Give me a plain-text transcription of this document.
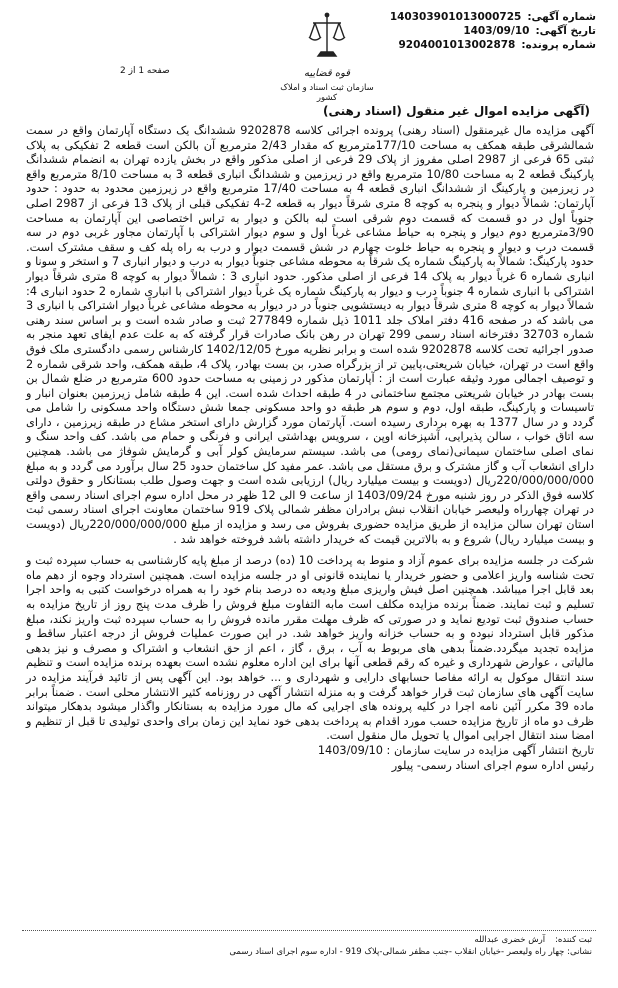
شماره آگهی:
140303901013000725
تاریخ آگهی:
1403/09/10
شماره پرونده:
9204001013002878
صفحه 1 از 2	قوه قضاییه
سازمان ثبت اسناد و املاک کشور
(آگهی مزایده اموال غیر منقول (اسناد رهنی)

آگهی مزایده مال غیرمنقول (اسناد رهنی) پرونده اجرائی کلاسه 9202878 ششدانگ یک دستگاه آپارتمان واقع در سمت شمالشرقی طبقه همکف به مساحت 177/10مترمربع که مقدار 2/43 مترمربع آن بالکن است قطعه 2 تفکیکی به پلاک ثبتی 65 فرعی از 2987 اصلی مفروز از پلاک 29 فرعی از اصلی مذکور واقع در بخش یازده تهران به انضمام ششدانگ پارکینگ قطعه 2 به مساحت 10/80 مترمربع واقع در زیرزمین و ششدانگ انباری قطعه 3 به مساحت 8/10 مترمربع واقع در زیرزمین و پارکینگ از ششدانگ انباری قطعه 4 به مساحت 17/40 مترمربع واقع در زیرزمین محدود به حدود : حدود آپارتمان: شمالاً دیوار و پنجره به کوچه 8 متری شرقاً دیوار به قطعه 2-4 تفکیکی قبلی از پلاک 13 فرعی از 2987 اصلی جنوباً اول در دو قسمت که قسمت دوم شرقی است لبه بالکن و دیوار به تراس اختصاصی این آپارتمان به مساحت 3/90مترمربع دوم دیوار و پنجره به حیاط مشاعی غرباً اول و سوم دیوار اشتراکی با آپارتمان مجاور غربی دوم در سه قسمت درب و دیوار و پنجره به حیاط خلوت چهارم در شش قسمت دیوار و درب به راه پله کف و سقف مشترک است. حدود پارکینگ: شمالاً به پارکینگ شماره یک شرقاً به محوطه مشاعی جنوباً دیوار به درب و دیوار انباری 7 و استخر و سونا و انباری شماره 6 غرباً دیوار به پلاک 14 فرعی از اصلی مذکور. حدود انباری 3 : شمالاً دیوار به کوچه 8 متری شرقاً دیوار اشتراکی با انباری شماره 4 جنوباً درب و دیوار به پارکینگ شماره یک غرباً دیوار اشتراکی با انباری شماره 2 حدود انباری 4: شمالاً دیوار به کوچه 8 متری شرقاً دیوار به دیستشویی جنوباً در در دیوار به محوطه مشاعی غرباً دیوار اشتراکی با انباری 3 می باشد که در صفحه 416 دفتر املاک جلد 1011 ذیل شماره 277849 ثبت و صادر شده است و بر اساس سند رهنی شماره 32703 دفترخانه اسناد رسمی 299 تهران در رهن بانک صادرات قرار گرفته که به علت عدم ایفای تعهد منجر به صدور اجرائیه تحت کلاسه 9202878 شده است و برابر نظریه مورخ 1402/12/05 کارشناس رسمی دادگستری ملک فوق واقع است در تهران، خیابان شریعتی،پایین تر از بزرگراه صدر، بن بست بهادر، پلاک 4، طبقه همکف، واحد شرقی شماره 2 و توصیف اجمالی مورد وثیقه عبارت است از : آپارتمان مذکور در زمینی به مساحت حدود 600 مترمربع در ضلع شمال بن بست بهادر در خیابان شریعتی مجتمع ساختمانی در 4 طبقه احداث شده است. این 4 طبقه شامل زیرزمین بعنوان انبار و تاسیسات و پارکینگ، طبقه اول، دوم و سوم هر طبقه دو واحد مسکونی جمعا شش دستگاه واحد مسکونی را شامل می گردد و در سال 1377 به بهره برداری رسیده است. آپارتمان مورد گزارش دارای استخر مشاع در طبقه زیرزمین ، دارای سه اتاق خواب ، سالن پذیرایی، آشپزخانه اوپن ، سرویس بهداشتی ایرانی و فرنگی و حمام می باشد. کف واحد سنگ و نمای اصلی ساختمان سیمانی(نمای رومی) می باشد. سیستم سرمایش کولر آبی و گرمایش شوفاژ می باشد. همچنین دارای انشعاب آب و گاز مشترک و برق مستقل می باشد. عمر مفید کل ساختمان حدود 25 سال برآورد می گردد و به مبلغ 220/000/000/000ریال (دویست و بیست میلیارد ریال) ارزیابی شده است و جهت وصول طلب بستانکار و حقوق دولتی کلاسه فوق الذکر در روز شنبه مورخ 1403/09/24 از ساعت 9 الی 12 ظهر در محل اداره سوم اجرای اسناد رسمی واقع در تهران چهارراه ولیعصر خیابان انقلاب نبش برادران مظفر شمالی پلاک 919 ساختمان معاونت اجرای اسناد رسمی ثبت استان تهران سالن مزایده از طریق مزایده حضوری بفروش می رسد و مزایده از مبلغ 220/000/000/000ریال (دویست و بیست میلیارد ریال) شروع و به بالاترین قیمت که خریدار داشته باشد فروخته خواهد شد .

شرکت در جلسه مزایده برای عموم آزاد و منوط به پرداخت 10 (ده) درصد از مبلغ پایه کارشناسی به حساب سپرده ثبت و تحت شناسه واریز اعلامی و حضور خریدار یا نماینده قانونی او در جلسه مزایده است. همچنین استرداد وجوه از دهم ماه بعد قابل اجرا میباشد. همچنین اصل فیش واریزی مبلغ ودیعه ده درصد بنام خود را به همراه درخواست کتبی به واحد اجرا تسلیم و ثبت نمایند. ضمناً برنده مزایده مکلف است مابه التفاوت مبلغ فروش را ظرف مدت پنج روز از تاریخ مزایده به حساب صندوق ثبت تودیع نماید و در صورتی که ظرف مهلت مقرر مانده فروش را به حساب سپرده ثبت واریز نکند، مبلغ مذکور قابل استرداد نبوده و به حساب خزانه واریز خواهد شد. در این صورت عملیات فروش از درجه اعتبار ساقط و مزایده تجدید میگردد.ضمناً بدهی های مربوط به آب ، برق ، گاز ، اعم از حق انشعاب و اشتراک و مصرف و نیز بدهی مالیاتی ، عوارض شهرداری و غیره که رقم قطعی آنها برای این اداره معلوم نشده است بعهده برنده مزایده است و تنظیم سند انتقال موکول به ارائه مفاصا حسابهای دارایی و شهرداری و ... خواهد بود. این آگهی پس از تائید فرآیند مزایده در سایت آگهی های سازمان ثبت قرار خواهد گرفت و به منزله انتشار آگهی در روزنامه کثیر الانتشار محلی است . ضمناً برابر ماده 39 مکرر آئین نامه اجرا در کلیه پرونده های اجرایی که مال مورد مزایده به بستانکار واگذار میشود بدهکار میتواند ظرف دو ماه از تاریخ مزایده حسب مورد اقدام به پرداخت بدهی خود نماید این زمان برای واحدی تولیدی تا قبل از تنظیم و امضا سند انتقال اجرایی اموال یا تحویل مال منقول است.

تاریخ انتشار آگهی مزایده در سایت سازمان : 1403/09/10

رئیس اداره سوم اجرای اسناد رسمی- پیلور

ثبت کننده:
آرش خضری عبدالله
نشانی: چهار راه ولیعصر -خیابان انقلاب -جنب مظفر شمالی-پلاک 919 - اداره سوم اجرای اسناد رسمی
